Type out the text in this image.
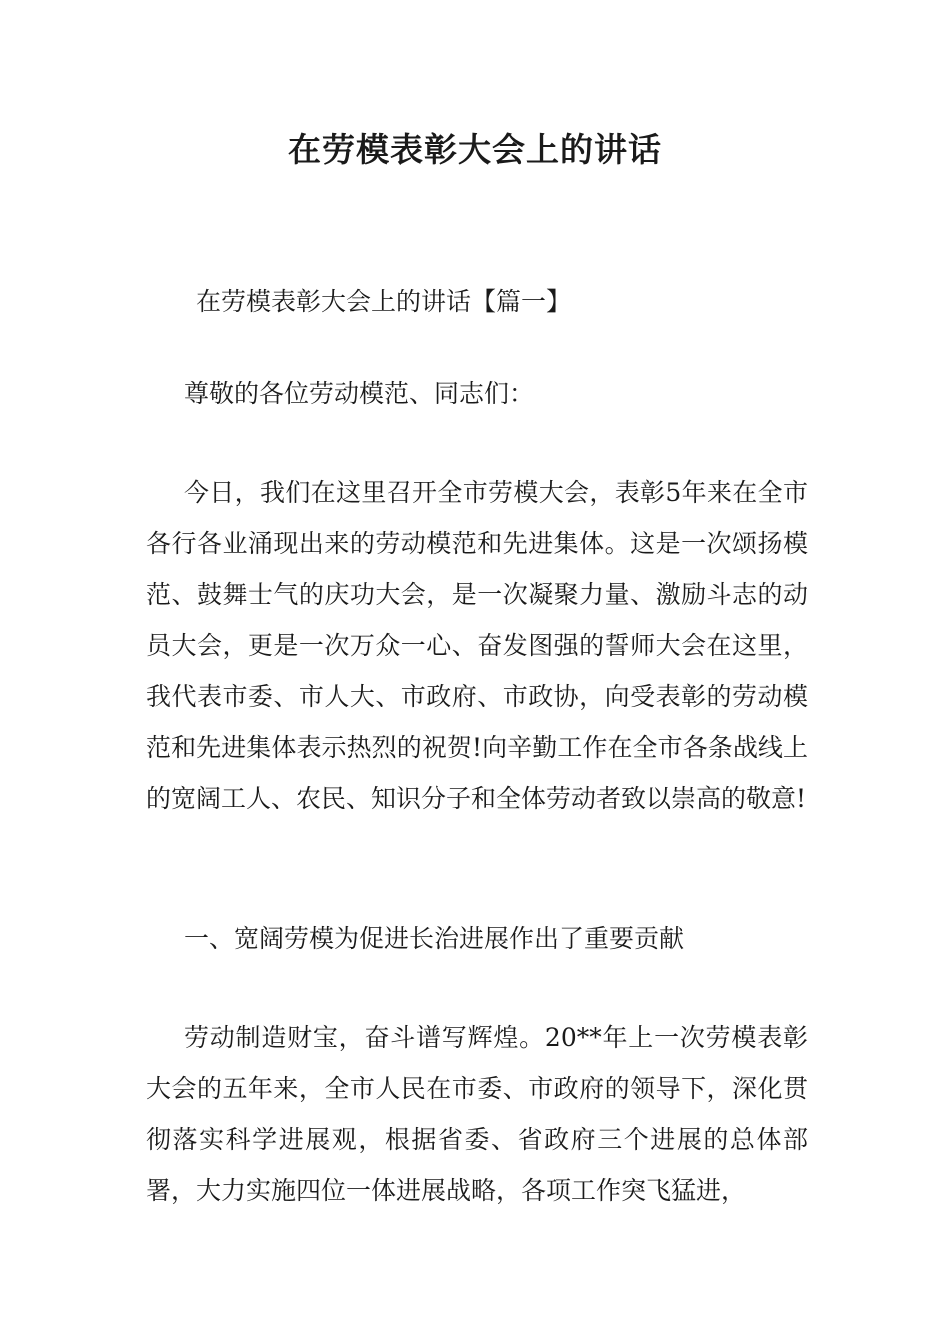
在劳模表彰大会上的讲话

在劳模表彰大会上的讲话【篇一】

尊敬的各位劳动模范、同志们：

今日，我们在这里召开全市劳模大会，表彰5年来在全市各行各业涌现出来的劳动模范和先进集体。这是一次颂扬模范、鼓舞士气的庆功大会，是一次凝聚力量、激励斗志的动员大会，更是一次万众一心、奋发图强的誓师大会在这里，我代表市委、市人大、市政府、市政协，向受表彰的劳动模范和先进集体表示热烈的祝贺!向辛勤工作在全市各条战线上的宽阔工人、农民、知识分子和全体劳动者致以崇高的敬意!

一、宽阔劳模为促进长治进展作出了重要贡献

劳动制造财宝，奋斗谱写辉煌。20**年上一次劳模表彰大会的五年来，全市人民在市委、市政府的领导下，深化贯彻落实科学进展观，根据省委、省政府三个进展的总体部署，大力实施四位一体进展战略，各项工作突飞猛进，
